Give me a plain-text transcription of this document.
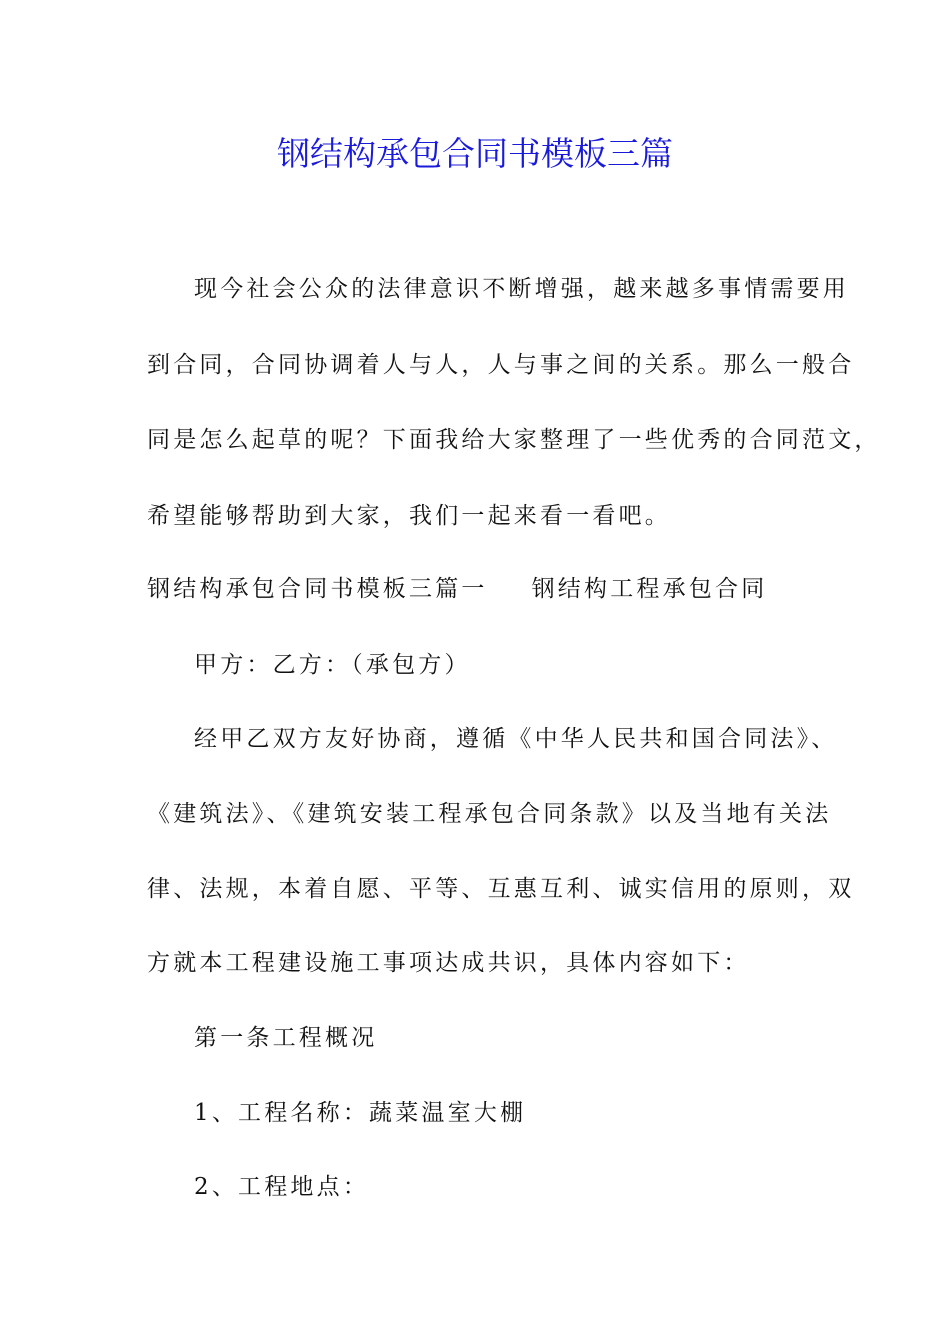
钢结构承包合同书模板三篇
现今社会公众的法律意识不断增强，越来越多事情需要用
到合同，合同协调着人与人，人与事之间的关系。那么一般合
同是怎么起草的呢？下面我给大家整理了一些优秀的合同范文，
希望能够帮助到大家，我们一起来看一看吧。
钢结构承包合同书模板三篇一 钢结构工程承包合同
甲方：乙方：（承包方）
经甲乙双方友好协商，遵循《中华人民共和国合同法》、
《建筑法》、《建筑安装工程承包合同条款》以及当地有关法
律、法规，本着自愿、平等、互惠互利、诚实信用的原则，双
方就本工程建设施工事项达成共识，具体内容如下：
第一条工程概况
1、工程名称：蔬菜温室大棚
2、工程地点：
